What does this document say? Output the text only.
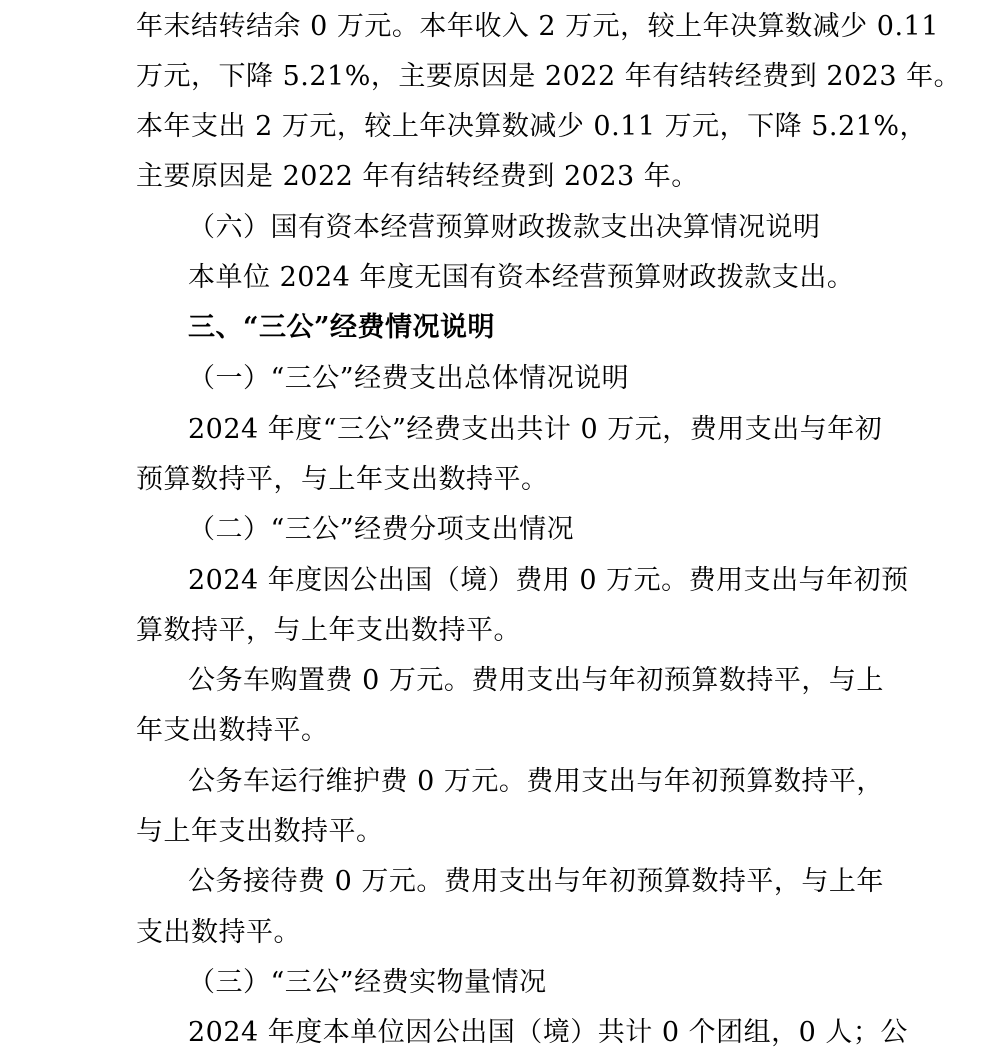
年末结转结余 0 万元。本年收入 2 万元，较上年决算数减少 0.11
万元，下降 5.21%，主要原因是 2022 年有结转经费到 2023 年。
本年支出 2 万元，较上年决算数减少 0.11 万元，下降 5.21%，
主要原因是 2022 年有结转经费到 2023 年。
（六）国有资本经营预算财政拨款支出决算情况说明
本单位 2024 年度无国有资本经营预算财政拨款支出。
三、“三公”经费情况说明
（一）“三公”经费支出总体情况说明
2024 年度“三公”经费支出共计 0 万元，费用支出与年初
预算数持平，与上年支出数持平。
（二）“三公”经费分项支出情况
2024 年度因公出国（境）费用 0 万元。费用支出与年初预
算数持平，与上年支出数持平。
公务车购置费 0 万元。费用支出与年初预算数持平，与上
年支出数持平。
公务车运行维护费 0 万元。费用支出与年初预算数持平，
与上年支出数持平。
公务接待费 0 万元。费用支出与年初预算数持平，与上年
支出数持平。
（三）“三公”经费实物量情况
2024 年度本单位因公出国（境）共计 0 个团组，0 人；公
